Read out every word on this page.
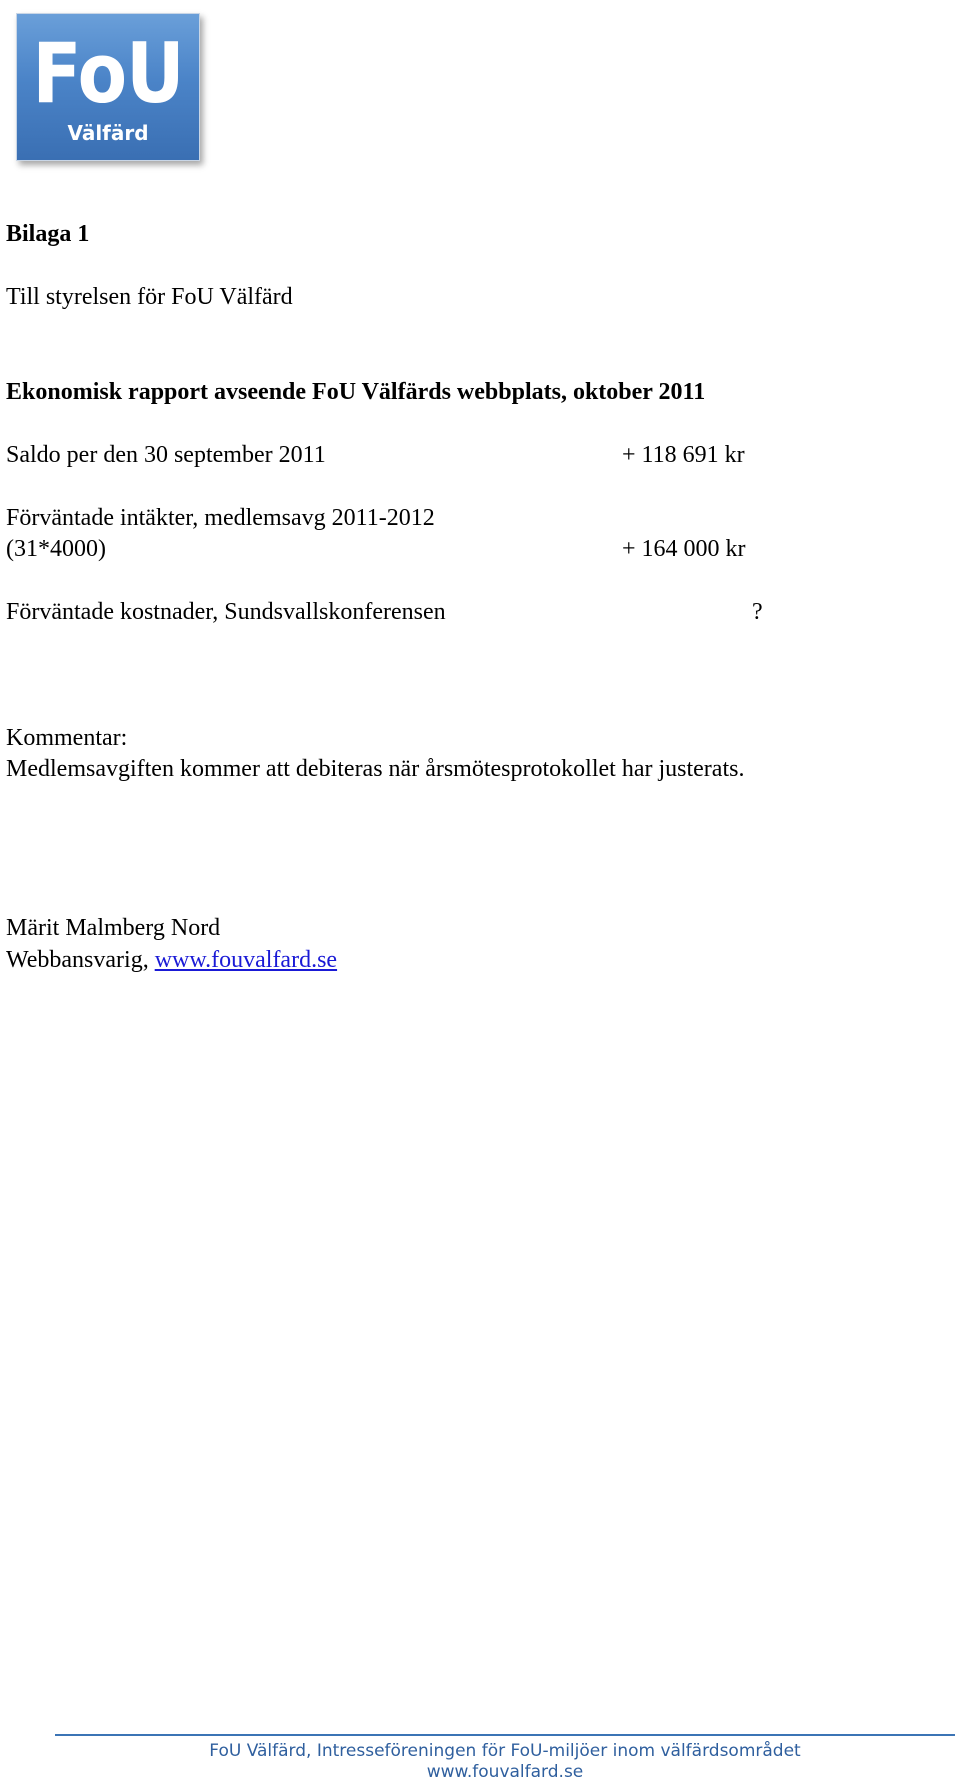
FoU
Välfärd
Bilaga 1
Till styrelsen för FoU Välfärd
Ekonomisk rapport avseende FoU Välfärds webbplats, oktober 2011
Saldo per den 30 september 2011	+ 118 691 kr
Förväntade intäkter, medlemsavg 2011-2012
(31*4000)	+ 164 000 kr
Förväntade kostnader, Sundsvallskonferensen	?
Kommentar:
Medlemsavgiften kommer att debiteras när årsmötesprotokollet har justerats.
Märit Malmberg Nord
Webbansvarig, www.fouvalfard.se
FoU Välfärd, Intresseföreningen för FoU-miljöer inom välfärdsområdet
www.fouvalfard.se
